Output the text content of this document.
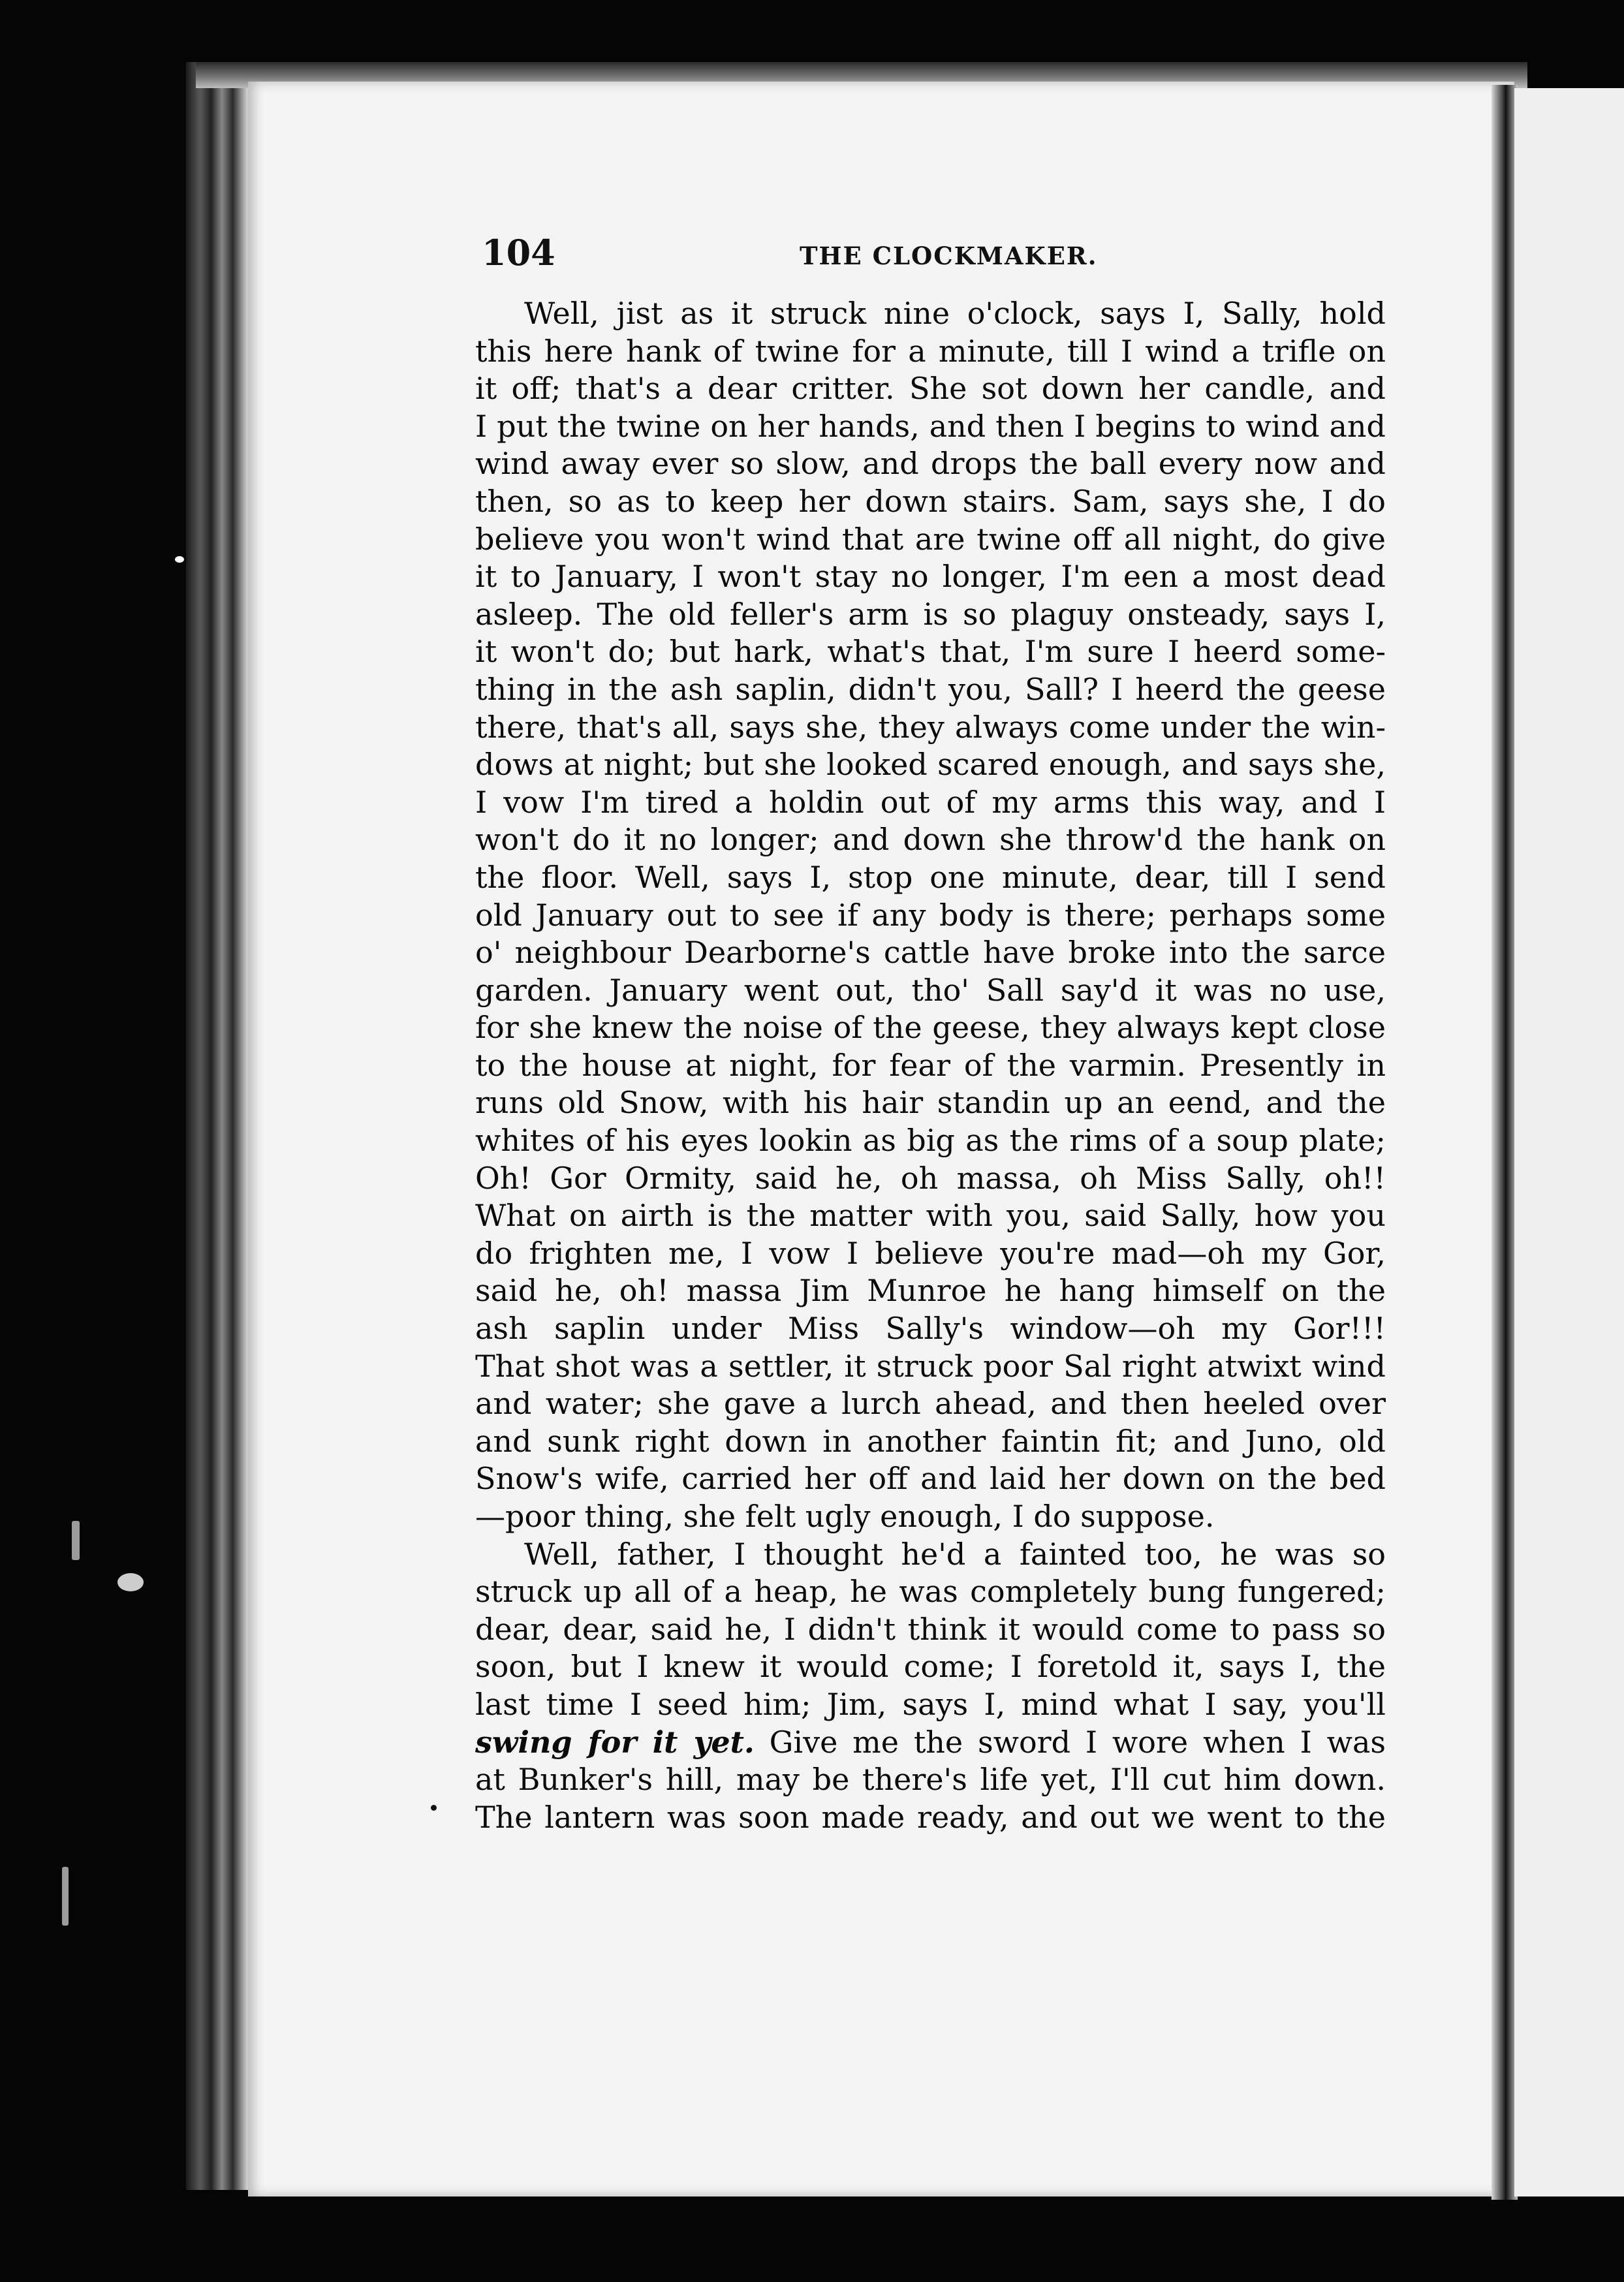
104	THE CLOCKMAKER.
Well, jist as it struck nine o'clock, says I, Sally, hold
this here hank of twine for a minute, till I wind a trifle on
it off; that's a dear critter. She sot down her candle, and
I put the twine on her hands, and then I begins to wind and
wind away ever so slow, and drops the ball every now and
then, so as to keep her down stairs. Sam, says she, I do
believe you won't wind that are twine off all night, do give
it to January, I won't stay no longer, I'm een a most dead
asleep. The old feller's arm is so plaguy onsteady, says I,
it won't do; but hark, what's that, I'm sure I heerd some-
thing in the ash saplin, didn't you, Sall? I heerd the geese
there, that's all, says she, they always come under the win-
dows at night; but she looked scared enough, and says she,
I vow I'm tired a holdin out of my arms this way, and I
won't do it no longer; and down she throw'd the hank on
the floor. Well, says I, stop one minute, dear, till I send
old January out to see if any body is there; perhaps some
o' neighbour Dearborne's cattle have broke into the sarce
garden. January went out, tho' Sall say'd it was no use,
for she knew the noise of the geese, they always kept close
to the house at night, for fear of the varmin. Presently in
runs old Snow, with his hair standin up an eend, and the
whites of his eyes lookin as big as the rims of a soup plate;
Oh! Gor Ormity, said he, oh massa, oh Miss Sally, oh!!
What on airth is the matter with you, said Sally, how you
do frighten me, I vow I believe you're mad—oh my Gor,
said he, oh! massa Jim Munroe he hang himself on the
ash saplin under Miss Sally's window—oh my Gor!!!
That shot was a settler, it struck poor Sal right atwixt wind
and water; she gave a lurch ahead, and then heeled over
and sunk right down in another faintin fit; and Juno, old
Snow's wife, carried her off and laid her down on the bed
—poor thing, she felt ugly enough, I do suppose.
Well, father, I thought he'd a fainted too, he was so
struck up all of a heap, he was completely bung fungered;
dear, dear, said he, I didn't think it would come to pass so
soon, but I knew it would come; I foretold it, says I, the
last time I seed him; Jim, says I, mind what I say, you'll
swing for it yet. Give me the sword I wore when I was
at Bunker's hill, may be there's life yet, I'll cut him down.
The lantern was soon made ready, and out we went to the
